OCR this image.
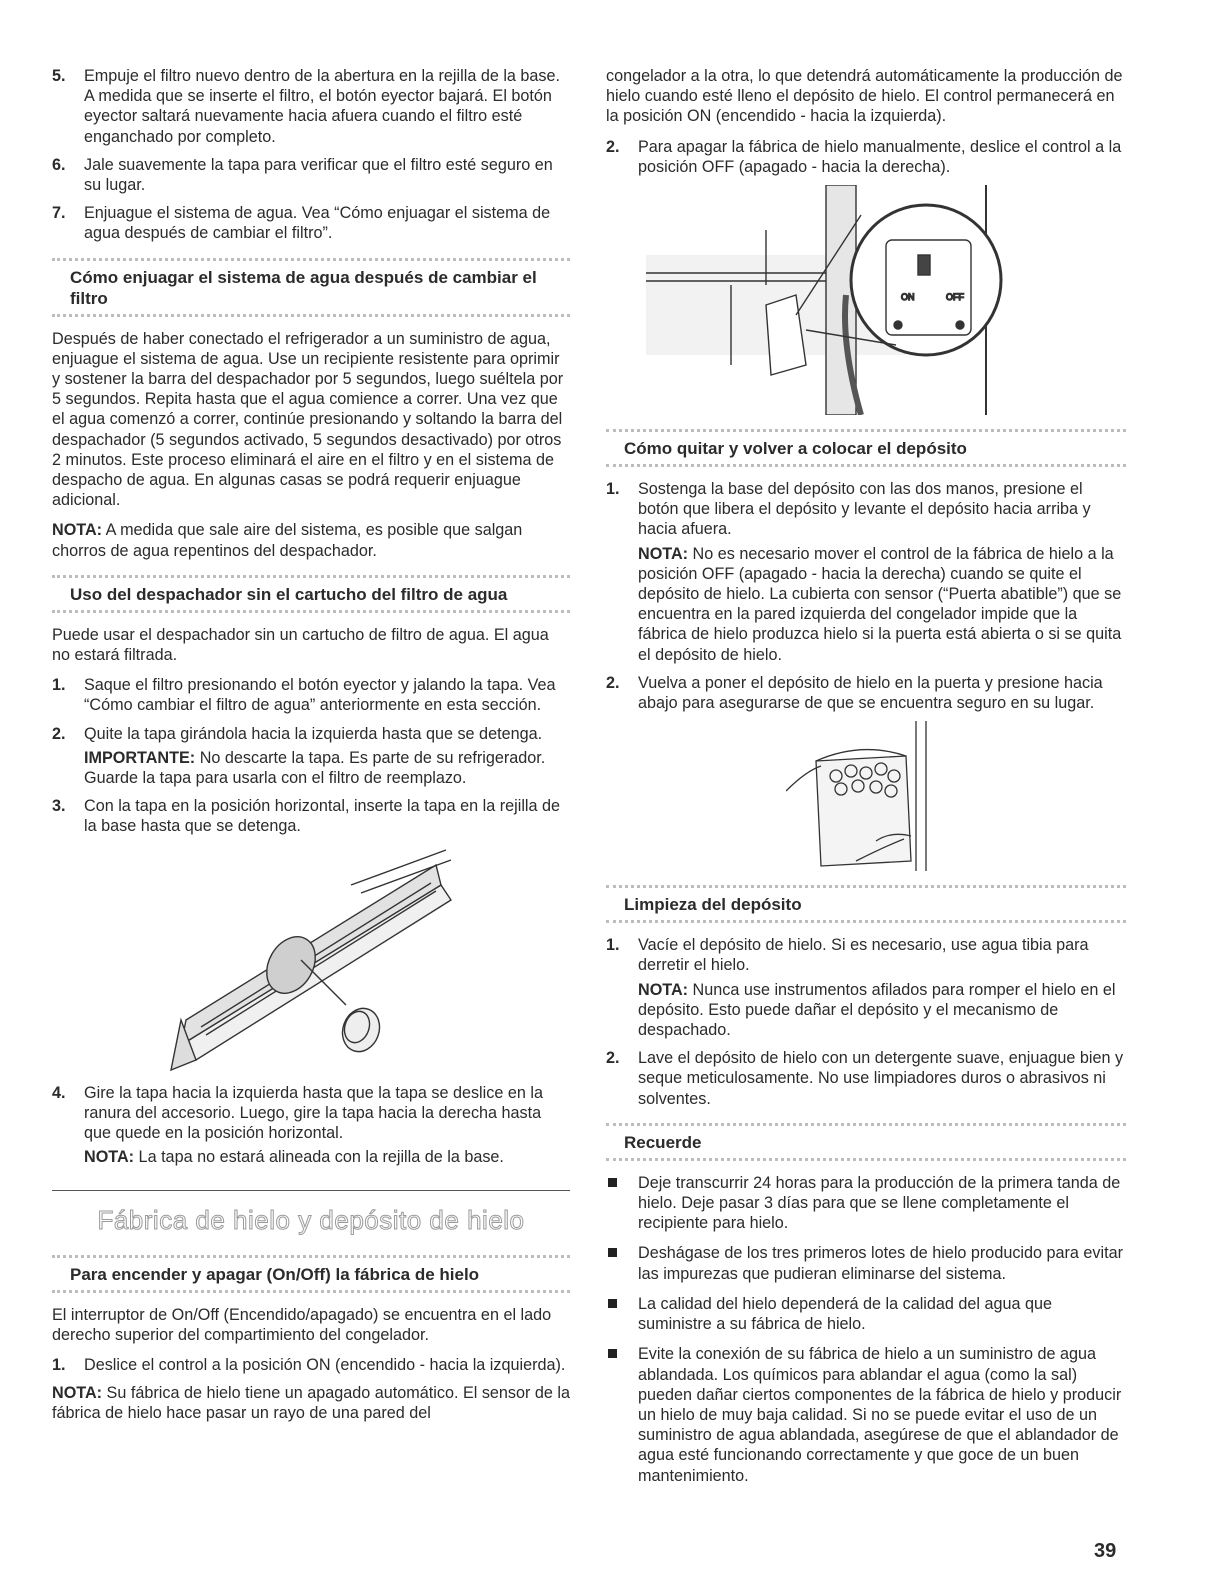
5. Empuje el filtro nuevo dentro de la abertura en la rejilla de la base. A medida que se inserte el filtro, el botón eyector bajará. El botón eyector saltará nuevamente hacia afuera cuando el filtro esté enganchado por completo.
6. Jale suavemente la tapa para verificar que el filtro esté seguro en su lugar.
7. Enjuague el sistema de agua. Vea “Cómo enjuagar el sistema de agua después de cambiar el filtro”.
Cómo enjuagar el sistema de agua después de cambiar el filtro

Después de haber conectado el refrigerador a un suministro de agua, enjuague el sistema de agua. Use un recipiente resistente para oprimir y sostener la barra del despachador por 5 segundos, luego suéltela por 5 segundos. Repita hasta que el agua comience a correr. Una vez que el agua comenzó a correr, continúe presionando y soltando la barra del despachador (5 segundos activado, 5 segundos desactivado) por otros 2 minutos. Este proceso eliminará el aire en el filtro y en el sistema de despacho de agua. En algunas casas se podrá requerir enjuague adicional.

NOTA: A medida que sale aire del sistema, es posible que salgan chorros de agua repentinos del despachador.

Uso del despachador sin el cartucho del filtro de agua

Puede usar el despachador sin un cartucho de filtro de agua. El agua no estará filtrada.

1. Saque el filtro presionando el botón eyector y jalando la tapa. Vea “Cómo cambiar el filtro de agua” anteriormente en esta sección.
2. Quite la tapa girándola hacia la izquierda hasta que se detenga.
IMPORTANTE: No descarte la tapa. Es parte de su refrigerador. Guarde la tapa para usarla con el filtro de reemplazo.
3. Con la tapa en la posición horizontal, inserte la tapa en la rejilla de la base hasta que se detenga.
4. Gire la tapa hacia la izquierda hasta que la tapa se deslice en la ranura del accesorio. Luego, gire la tapa hacia la derecha hasta que quede en la posición horizontal.
NOTA: La tapa no estará alineada con la rejilla de la base.
Fábrica de hielo y depósito de hielo
Para encender y apagar (On/Off) la fábrica de hielo

El interruptor de On/Off (Encendido/apagado) se encuentra en el lado derecho superior del compartimiento del congelador.

1. Deslice el control a la posición ON (encendido - hacia la izquierda).

NOTA: Su fábrica de hielo tiene un apagado automático. El sensor de la fábrica de hielo hace pasar un rayo de una pared del

congelador a la otra, lo que detendrá automáticamente la producción de hielo cuando esté lleno el depósito de hielo. El control permanecerá en la posición ON (encendido - hacia la izquierda).

2. Para apagar la fábrica de hielo manualmente, deslice el control a la posición OFF (apagado - hacia la derecha).
ON	OFF
Cómo quitar y volver a colocar el depósito
1. Sostenga la base del depósito con las dos manos, presione el botón que libera el depósito y levante el depósito hacia arriba y hacia afuera.
NOTA: No es necesario mover el control de la fábrica de hielo a la posición OFF (apagado - hacia la derecha) cuando se quite el depósito de hielo. La cubierta con sensor (“Puerta abatible”) que se encuentra en la pared izquierda del congelador impide que la fábrica de hielo produzca hielo si la puerta está abierta o si se quita el depósito de hielo.
2. Vuelva a poner el depósito de hielo en la puerta y presione hacia abajo para asegurarse de que se encuentra seguro en su lugar.
Limpieza del depósito
1. Vacíe el depósito de hielo. Si es necesario, use agua tibia para derretir el hielo.
NOTA: Nunca use instrumentos afilados para romper el hielo en el depósito. Esto puede dañar el depósito y el mecanismo de despachado.
2. Lave el depósito de hielo con un detergente suave, enjuague bien y seque meticulosamente. No use limpiadores duros o abrasivos ni solventes.
Recuerde
Deje transcurrir 24 horas para la producción de la primera tanda de hielo. Deje pasar 3 días para que se llene completamente el recipiente para hielo.
Deshágase de los tres primeros lotes de hielo producido para evitar las impurezas que pudieran eliminarse del sistema.
La calidad del hielo dependerá de la calidad del agua que suministre a su fábrica de hielo.
Evite la conexión de su fábrica de hielo a un suministro de agua ablandada. Los químicos para ablandar el agua (como la sal) pueden dañar ciertos componentes de la fábrica de hielo y producir un hielo de muy baja calidad. Si no se puede evitar el uso de un suministro de agua ablandada, asegúrese de que el ablandador de agua esté funcionando correctamente y que goce de un buen mantenimiento.
39
